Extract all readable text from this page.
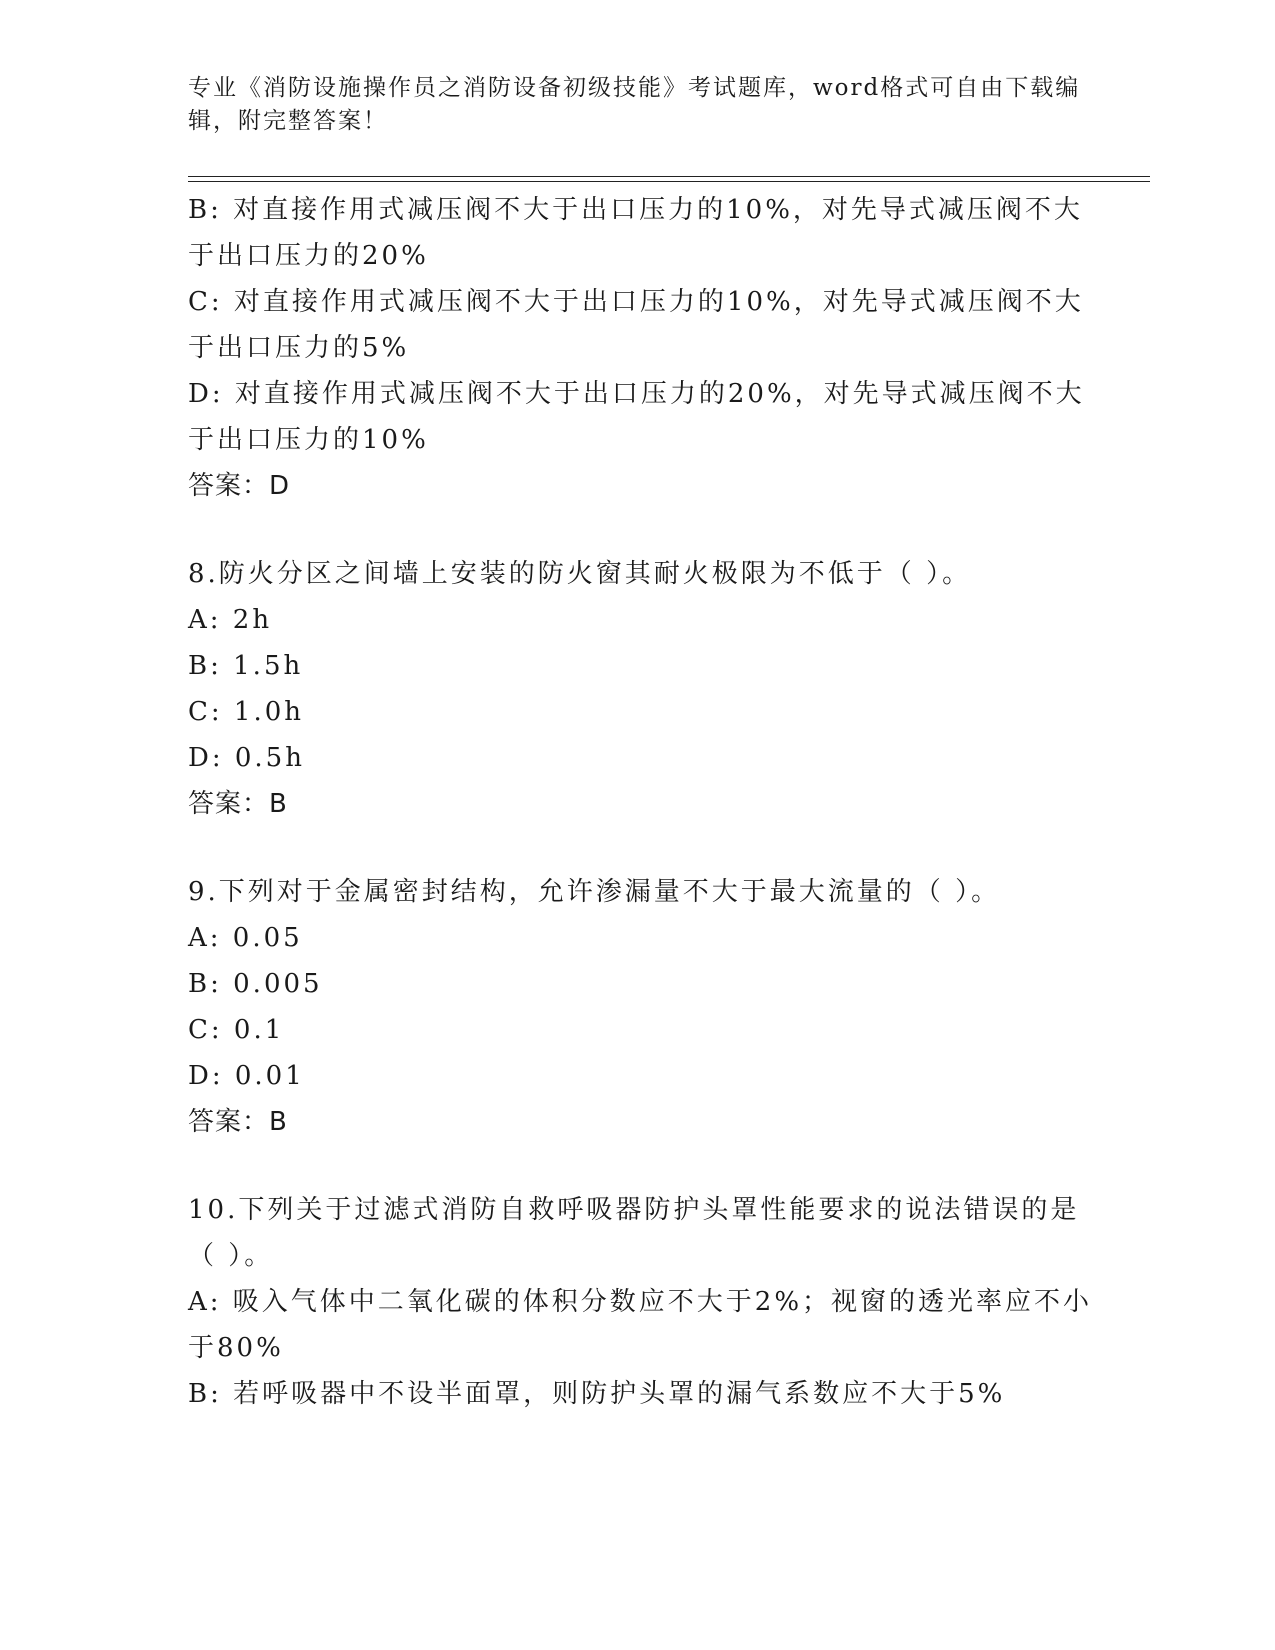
专业《消防设施操作员之消防设备初级技能》考试题库，word格式可自由下载编
辑，附完整答案！
B: 对直接作用式减压阀不大于出口压力的10%，对先导式减压阀不大
于出口压力的20%
C: 对直接作用式减压阀不大于出口压力的10%，对先导式减压阀不大
于出口压力的5%
D: 对直接作用式减压阀不大于出口压力的20%，对先导式减压阀不大
于出口压力的10%
答案：D
8.防火分区之间墙上安装的防火窗其耐火极限为不低于（ ）。
A: 2h
B: 1.5h
C: 1.0h
D: 0.5h
答案：B
9.下列对于金属密封结构，允许渗漏量不大于最大流量的（ ）。
A: 0.05
B: 0.005
C: 0.1
D: 0.01
答案：B
10.下列关于过滤式消防自救呼吸器防护头罩性能要求的说法错误的是
（ ）。
A: 吸入气体中二氧化碳的体积分数应不大于2%；视窗的透光率应不小
于80%
B: 若呼吸器中不设半面罩，则防护头罩的漏气系数应不大于5%
